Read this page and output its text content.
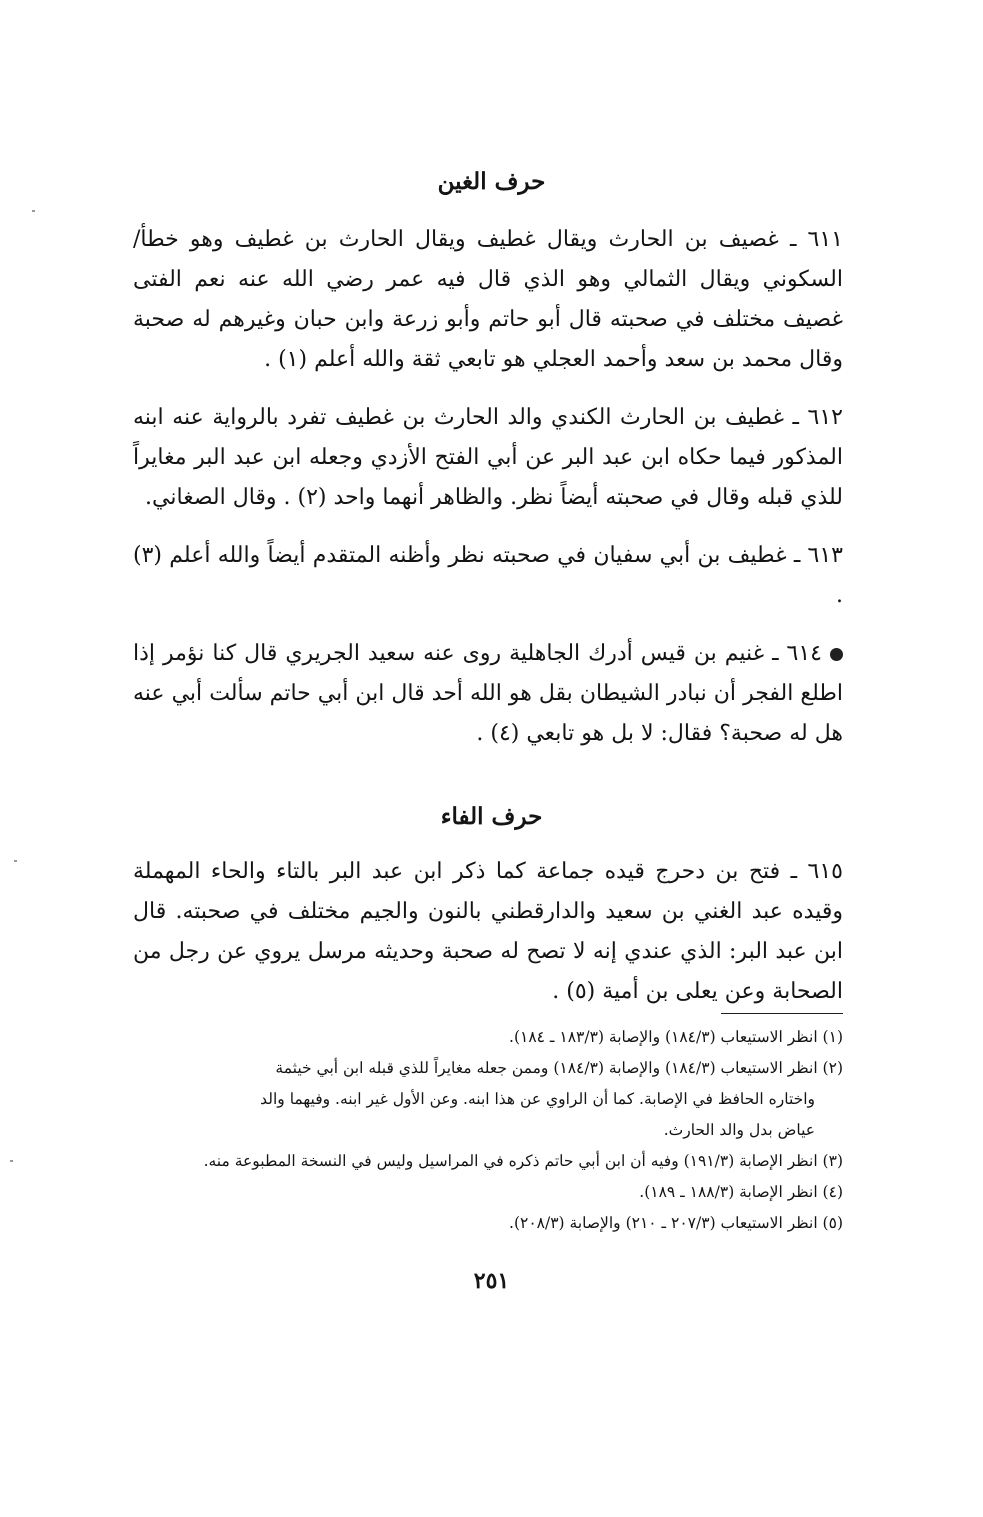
حرف الغين

٦١١ ـ غصيف بن الحارث ويقال غطيف ويقال الحارث بن غطيف وهو خطأ/ السكوني ويقال الثمالي وهو الذي قال فيه عمر رضي الله عنه نعم الفتى غصيف مختلف في صحبته قال أبو حاتم وأبو زرعة وابن حبان وغيرهم له صحبة وقال محمد بن سعد وأحمد العجلي هو تابعي ثقة والله أعلم (١) .

٦١٢ ـ غطيف بن الحارث الكندي والد الحارث بن غطيف تفرد بالرواية عنه ابنه المذكور فيما حكاه ابن عبد البر عن أبي الفتح الأزدي وجعله ابن عبد البر مغايراً للذي قبله وقال في صحبته أيضاً نظر. والظاهر أنهما واحد (٢) . وقال الصغاني.

٦١٣ ـ غطيف بن أبي سفيان في صحبته نظر وأظنه المتقدم أيضاً والله أعلم (٣) .

٦١٤ ـ غنيم بن قيس أدرك الجاهلية روى عنه سعيد الجريري قال كنا نؤمر إذا اطلع الفجر أن نبادر الشيطان بقل هو الله أحد قال ابن أبي حاتم سألت أبي عنه هل له صحبة؟ فقال: لا بل هو تابعي (٤) .

حرف الفاء

٦١٥ ـ فتح بن دحرج قيده جماعة كما ذكر ابن عبد البر بالتاء والحاء المهملة وقيده عبد الغني بن سعيد والدارقطني بالنون والجيم مختلف في صحبته. قال ابن عبد البر: الذي عندي إنه لا تصح له صحبة وحديثه مرسل يروي عن رجل من الصحابة وعن يعلى بن أمية (٥) .

(١) انظر الاستيعاب (١٨٤/٣) والإصابة (١٨٣/٣ ـ ١٨٤).

(٢) انظر الاستيعاب (١٨٤/٣) والإصابة (١٨٤/٣) وممن جعله مغايراً للذي قبله ابن أبي خيثمة

واختاره الحافظ في الإصابة. كما أن الراوي عن هذا ابنه. وعن الأول غير ابنه. وفيهما والد

عياض بدل والد الحارث.

(٣) انظر الإصابة (١٩١/٣) وفيه أن ابن أبي حاتم ذكره في المراسيل وليس في النسخة المطبوعة منه.

(٤) انظر الإصابة (١٨٨/٣ ـ ١٨٩).

(٥) انظر الاستيعاب (٢٠٧/٣ ـ ٢١٠) والإصابة (٢٠٨/٣).

٢٥١
